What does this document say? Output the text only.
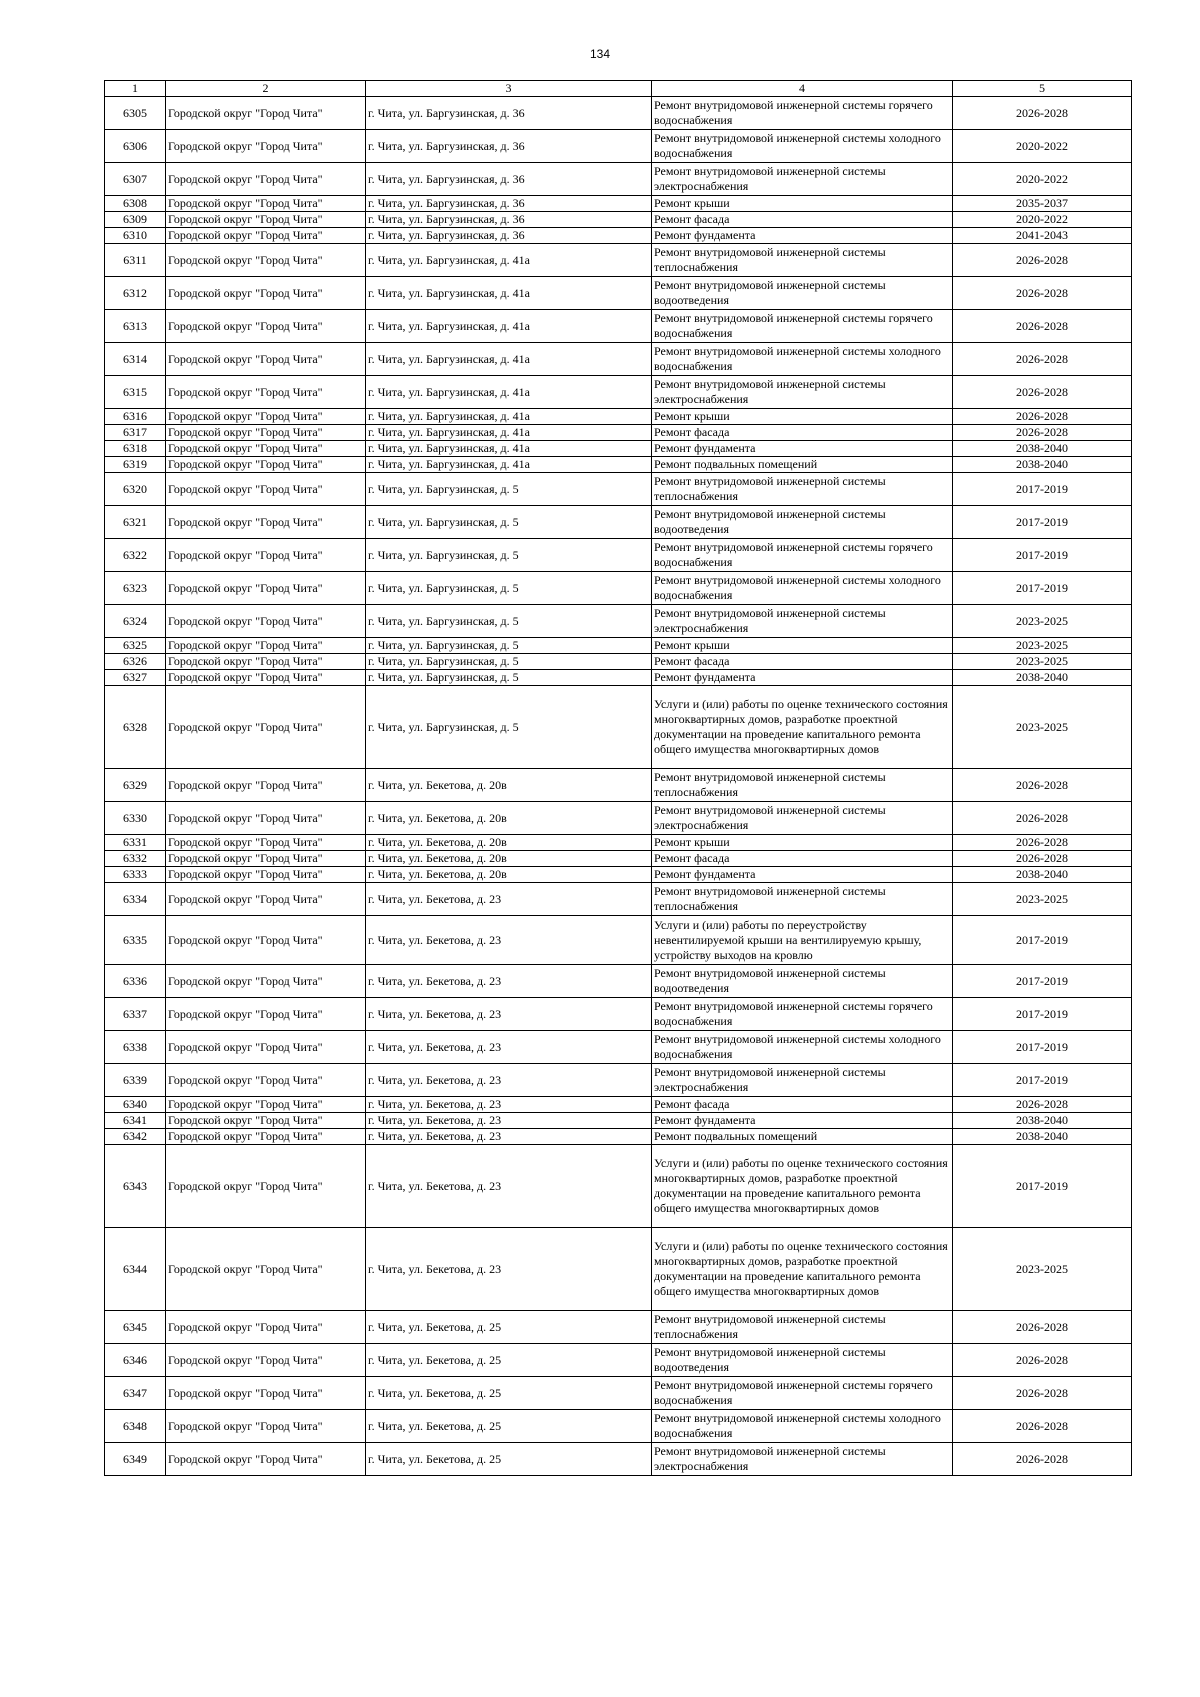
134
1	2	3	4	5
6305	Городской округ "Город Чита"	г. Чита, ул. Баргузинская, д. 36	Ремонт внутридомовой инженерной системы горячего водоснабжения	2026-2028
6306	Городской округ "Город Чита"	г. Чита, ул. Баргузинская, д. 36	Ремонт внутридомовой инженерной системы холодного водоснабжения	2020-2022
6307	Городской округ "Город Чита"	г. Чита, ул. Баргузинская, д. 36	Ремонт внутридомовой инженерной системы электроснабжения	2020-2022
6308	Городской округ "Город Чита"	г. Чита, ул. Баргузинская, д. 36	Ремонт крыши	2035-2037
6309	Городской округ "Город Чита"	г. Чита, ул. Баргузинская, д. 36	Ремонт фасада	2020-2022
6310	Городской округ "Город Чита"	г. Чита, ул. Баргузинская, д. 36	Ремонт фундамента	2041-2043
6311	Городской округ "Город Чита"	г. Чита, ул. Баргузинская, д. 41а	Ремонт внутридомовой инженерной системы теплоснабжения	2026-2028
6312	Городской округ "Город Чита"	г. Чита, ул. Баргузинская, д. 41а	Ремонт внутридомовой инженерной системы водоотведения	2026-2028
6313	Городской округ "Город Чита"	г. Чита, ул. Баргузинская, д. 41а	Ремонт внутридомовой инженерной системы горячего водоснабжения	2026-2028
6314	Городской округ "Город Чита"	г. Чита, ул. Баргузинская, д. 41а	Ремонт внутридомовой инженерной системы холодного водоснабжения	2026-2028
6315	Городской округ "Город Чита"	г. Чита, ул. Баргузинская, д. 41а	Ремонт внутридомовой инженерной системы электроснабжения	2026-2028
6316	Городской округ "Город Чита"	г. Чита, ул. Баргузинская, д. 41а	Ремонт крыши	2026-2028
6317	Городской округ "Город Чита"	г. Чита, ул. Баргузинская, д. 41а	Ремонт фасада	2026-2028
6318	Городской округ "Город Чита"	г. Чита, ул. Баргузинская, д. 41а	Ремонт фундамента	2038-2040
6319	Городской округ "Город Чита"	г. Чита, ул. Баргузинская, д. 41а	Ремонт подвальных помещений	2038-2040
6320	Городской округ "Город Чита"	г. Чита, ул. Баргузинская, д. 5	Ремонт внутридомовой инженерной системы теплоснабжения	2017-2019
6321	Городской округ "Город Чита"	г. Чита, ул. Баргузинская, д. 5	Ремонт внутридомовой инженерной системы водоотведения	2017-2019
6322	Городской округ "Город Чита"	г. Чита, ул. Баргузинская, д. 5	Ремонт внутридомовой инженерной системы горячего водоснабжения	2017-2019
6323	Городской округ "Город Чита"	г. Чита, ул. Баргузинская, д. 5	Ремонт внутридомовой инженерной системы холодного водоснабжения	2017-2019
6324	Городской округ "Город Чита"	г. Чита, ул. Баргузинская, д. 5	Ремонт внутридомовой инженерной системы электроснабжения	2023-2025
6325	Городской округ "Город Чита"	г. Чита, ул. Баргузинская, д. 5	Ремонт крыши	2023-2025
6326	Городской округ "Город Чита"	г. Чита, ул. Баргузинская, д. 5	Ремонт фасада	2023-2025
6327	Городской округ "Город Чита"	г. Чита, ул. Баргузинская, д. 5	Ремонт фундамента	2038-2040
6328	Городской округ "Город Чита"	г. Чита, ул. Баргузинская, д. 5	Услуги и (или) работы по оценке технического состояния многоквартирных домов, разработке проектной документации на проведение капитального ремонта общего имущества многоквартирных домов	2023-2025
6329	Городской округ "Город Чита"	г. Чита, ул. Бекетова, д. 20в	Ремонт внутридомовой инженерной системы теплоснабжения	2026-2028
6330	Городской округ "Город Чита"	г. Чита, ул. Бекетова, д. 20в	Ремонт внутридомовой инженерной системы электроснабжения	2026-2028
6331	Городской округ "Город Чита"	г. Чита, ул. Бекетова, д. 20в	Ремонт крыши	2026-2028
6332	Городской округ "Город Чита"	г. Чита, ул. Бекетова, д. 20в	Ремонт фасада	2026-2028
6333	Городской округ "Город Чита"	г. Чита, ул. Бекетова, д. 20в	Ремонт фундамента	2038-2040
6334	Городской округ "Город Чита"	г. Чита, ул. Бекетова, д. 23	Ремонт внутридомовой инженерной системы теплоснабжения	2023-2025
6335	Городской округ "Город Чита"	г. Чита, ул. Бекетова, д. 23	Услуги и (или) работы по переустройству невентилируемой крыши на вентилируемую крышу, устройству выходов на кровлю	2017-2019
6336	Городской округ "Город Чита"	г. Чита, ул. Бекетова, д. 23	Ремонт внутридомовой инженерной системы водоотведения	2017-2019
6337	Городской округ "Город Чита"	г. Чита, ул. Бекетова, д. 23	Ремонт внутридомовой инженерной системы горячего водоснабжения	2017-2019
6338	Городской округ "Город Чита"	г. Чита, ул. Бекетова, д. 23	Ремонт внутридомовой инженерной системы холодного водоснабжения	2017-2019
6339	Городской округ "Город Чита"	г. Чита, ул. Бекетова, д. 23	Ремонт внутридомовой инженерной системы электроснабжения	2017-2019
6340	Городской округ "Город Чита"	г. Чита, ул. Бекетова, д. 23	Ремонт фасада	2026-2028
6341	Городской округ "Город Чита"	г. Чита, ул. Бекетова, д. 23	Ремонт фундамента	2038-2040
6342	Городской округ "Город Чита"	г. Чита, ул. Бекетова, д. 23	Ремонт подвальных помещений	2038-2040
6343	Городской округ "Город Чита"	г. Чита, ул. Бекетова, д. 23	Услуги и (или) работы по оценке технического состояния многоквартирных домов, разработке проектной документации на проведение капитального ремонта общего имущества многоквартирных домов	2017-2019
6344	Городской округ "Город Чита"	г. Чита, ул. Бекетова, д. 23	Услуги и (или) работы по оценке технического состояния многоквартирных домов, разработке проектной документации на проведение капитального ремонта общего имущества многоквартирных домов	2023-2025
6345	Городской округ "Город Чита"	г. Чита, ул. Бекетова, д. 25	Ремонт внутридомовой инженерной системы теплоснабжения	2026-2028
6346	Городской округ "Город Чита"	г. Чита, ул. Бекетова, д. 25	Ремонт внутридомовой инженерной системы водоотведения	2026-2028
6347	Городской округ "Город Чита"	г. Чита, ул. Бекетова, д. 25	Ремонт внутридомовой инженерной системы горячего водоснабжения	2026-2028
6348	Городской округ "Город Чита"	г. Чита, ул. Бекетова, д. 25	Ремонт внутридомовой инженерной системы холодного водоснабжения	2026-2028
6349	Городской округ "Город Чита"	г. Чита, ул. Бекетова, д. 25	Ремонт внутридомовой инженерной системы электроснабжения	2026-2028
